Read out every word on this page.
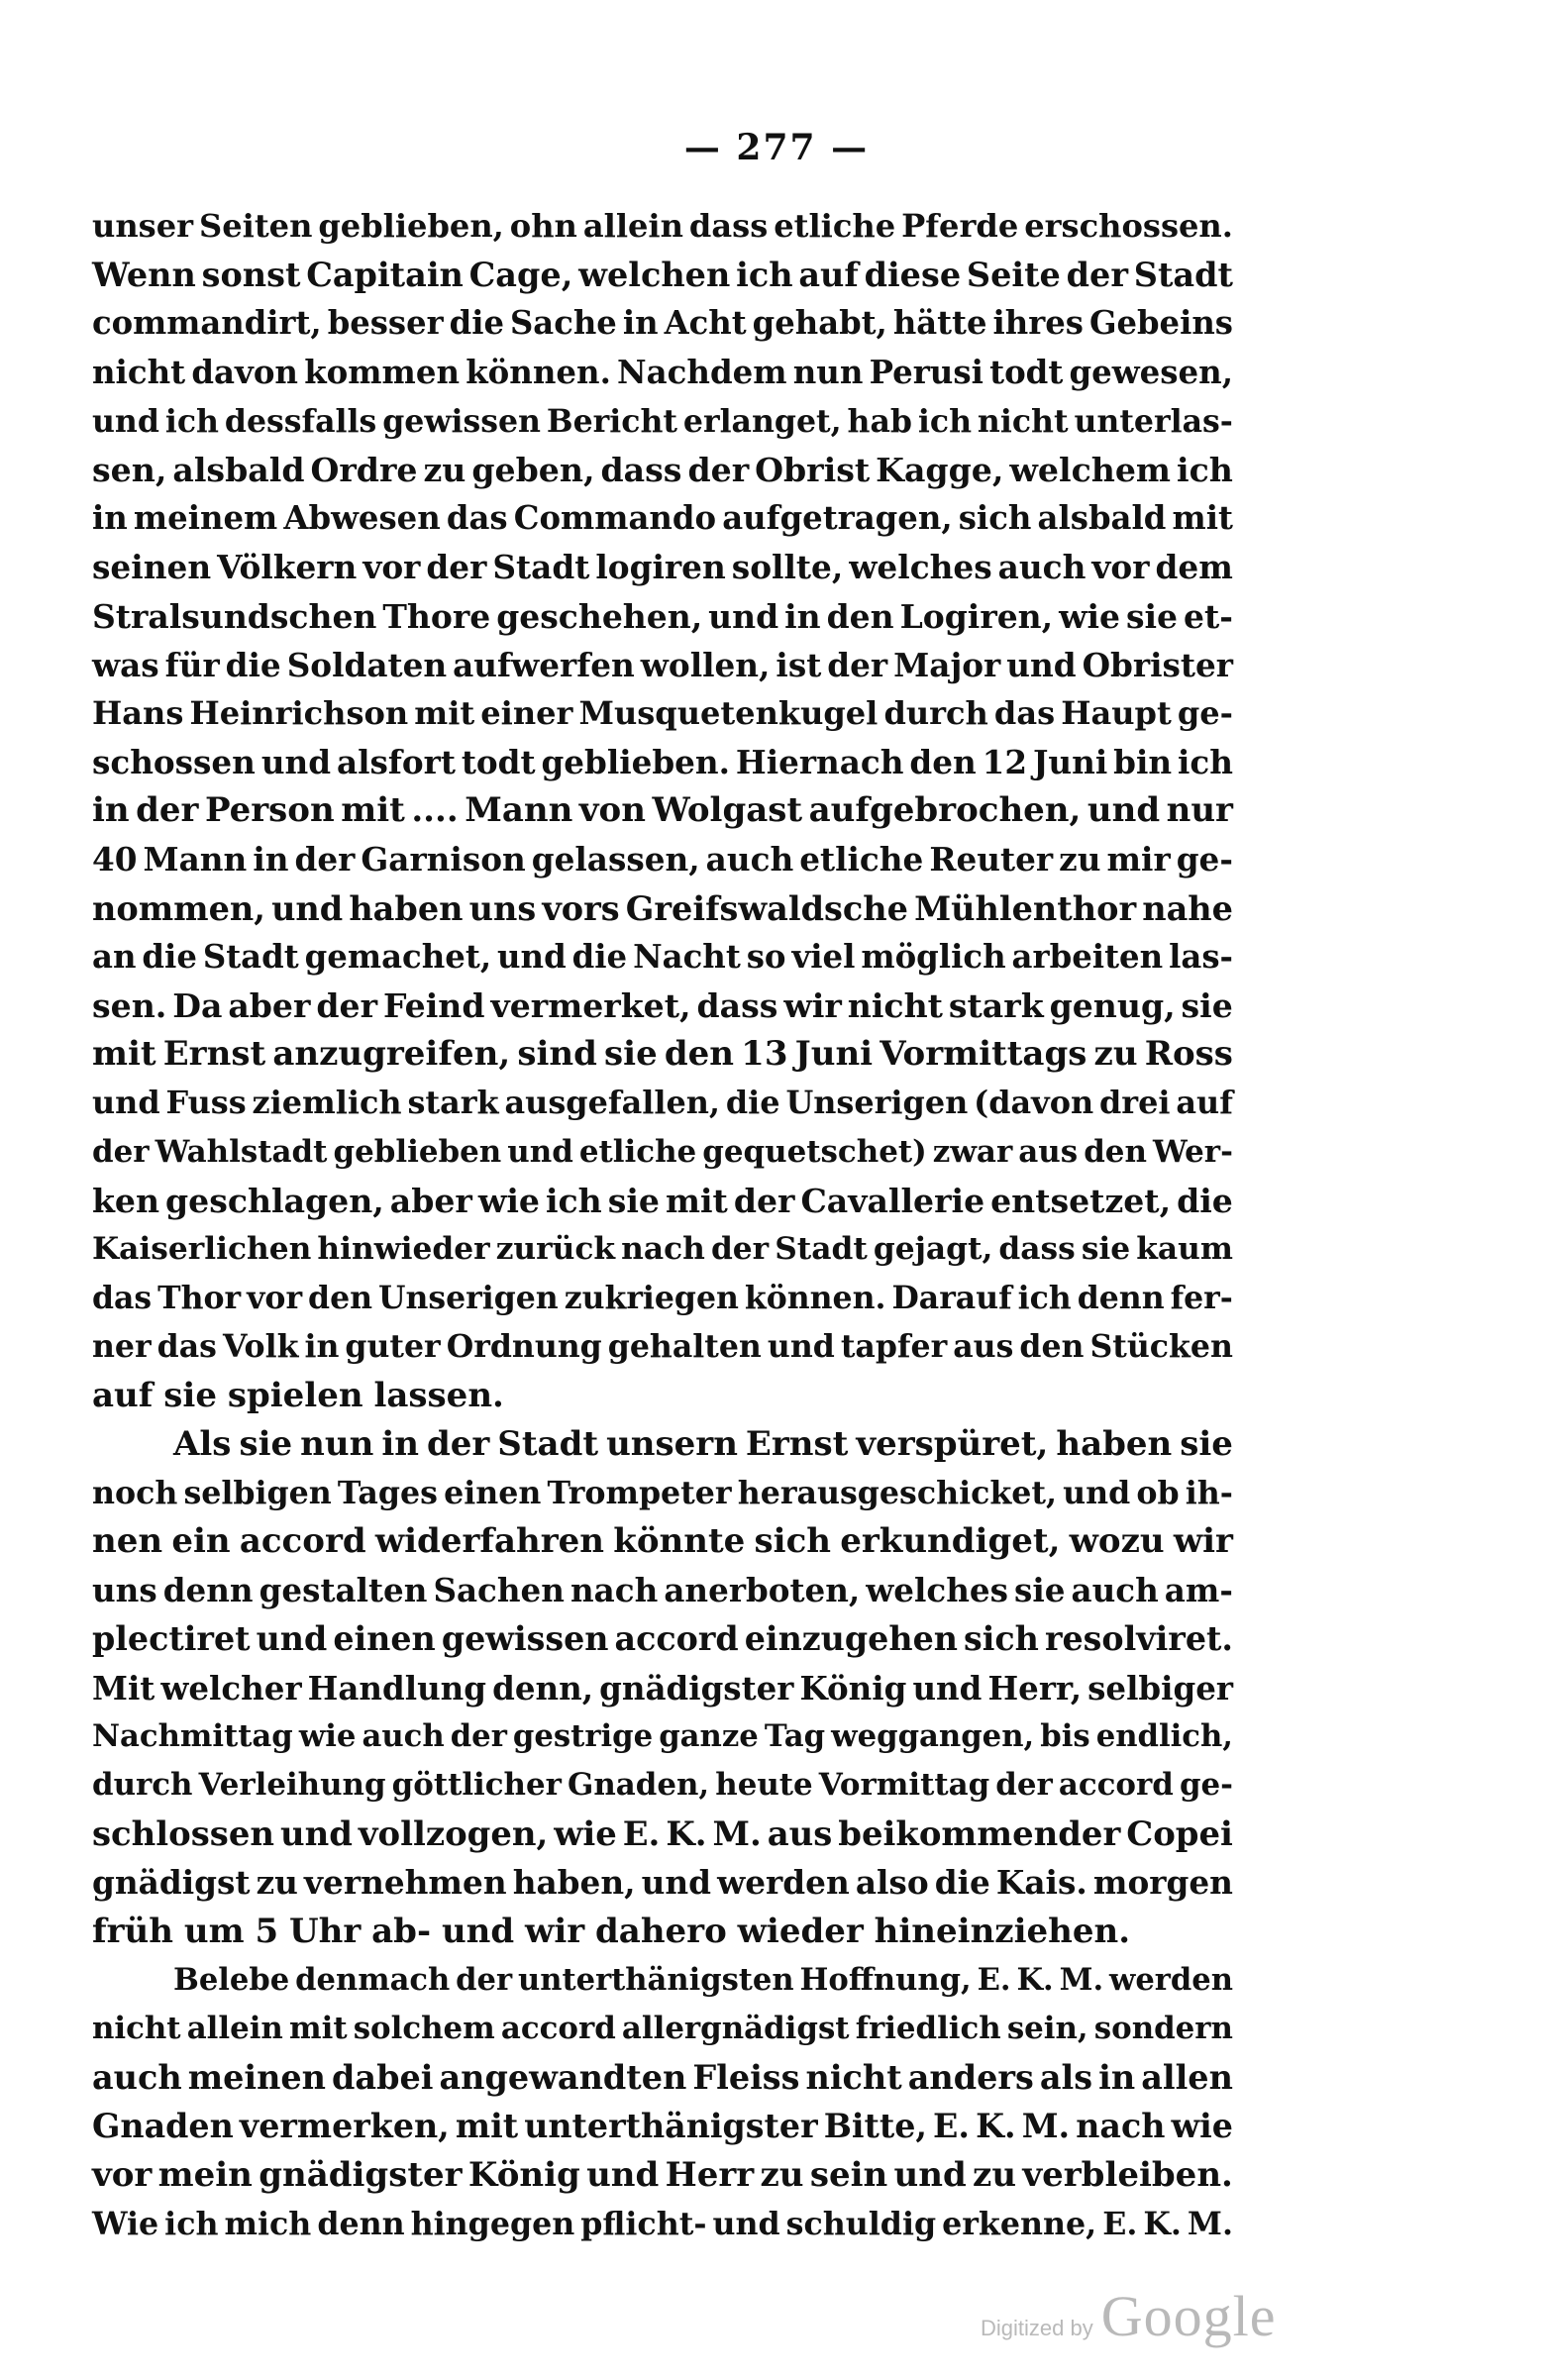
— 277 —
unser Seiten geblieben, ohn allein dass etliche Pferde erschossen.
Wenn sonst Capitain Cage, welchen ich auf diese Seite der Stadt
commandirt, besser die Sache in Acht gehabt, hätte ihres Gebeins
nicht davon kommen können. Nachdem nun Perusi todt gewesen,
und ich dessfalls gewissen Bericht erlanget, hab ich nicht unterlas-
sen, alsbald Ordre zu geben, dass der Obrist Kagge, welchem ich
in meinem Abwesen das Commando aufgetragen, sich alsbald mit
seinen Völkern vor der Stadt logiren sollte, welches auch vor dem
Stralsundschen Thore geschehen, und in den Logiren, wie sie et-
was für die Soldaten aufwerfen wollen, ist der Major und Obrister
Hans Heinrichson mit einer Musquetenkugel durch das Haupt ge-
schossen und alsfort todt geblieben. Hiernach den 12 Juni bin ich
in der Person mit .... Mann von Wolgast aufgebrochen, und nur
40 Mann in der Garnison gelassen, auch etliche Reuter zu mir ge-
nommen, und haben uns vors Greifswaldsche Mühlenthor nahe
an die Stadt gemachet, und die Nacht so viel möglich arbeiten las-
sen. Da aber der Feind vermerket, dass wir nicht stark genug, sie
mit Ernst anzugreifen, sind sie den 13 Juni Vormittags zu Ross
und Fuss ziemlich stark ausgefallen, die Unserigen (davon drei auf
der Wahlstadt geblieben und etliche gequetschet) zwar aus den Wer-
ken geschlagen, aber wie ich sie mit der Cavallerie entsetzet, die
Kaiserlichen hinwieder zurück nach der Stadt gejagt, dass sie kaum
das Thor vor den Unserigen zukriegen können. Darauf ich denn fer-
ner das Volk in guter Ordnung gehalten und tapfer aus den Stücken
auf sie spielen lassen.
Als sie nun in der Stadt unsern Ernst verspüret, haben sie
noch selbigen Tages einen Trompeter herausgeschicket, und ob ih-
nen ein accord widerfahren könnte sich erkundiget, wozu wir
uns denn gestalten Sachen nach anerboten, welches sie auch am-
plectiret und einen gewissen accord einzugehen sich resolviret.
Mit welcher Handlung denn, gnädigster König und Herr, selbiger
Nachmittag wie auch der gestrige ganze Tag weggangen, bis endlich,
durch Verleihung göttlicher Gnaden, heute Vormittag der accord ge-
schlossen und vollzogen, wie E. K. M. aus beikommender Copei
gnädigst zu vernehmen haben, und werden also die Kais. morgen
früh um 5 Uhr ab- und wir dahero wieder hineinziehen.
Belebe denmach der unterthänigsten Hoffnung, E. K. M. werden
nicht allein mit solchem accord allergnädigst friedlich sein, sondern
auch meinen dabei angewandten Fleiss nicht anders als in allen
Gnaden vermerken, mit unterthänigster Bitte, E. K. M. nach wie
vor mein gnädigster König und Herr zu sein und zu verbleiben.
Wie ich mich denn hingegen pflicht- und schuldig erkenne, E. K. M.
Digitized by Google
